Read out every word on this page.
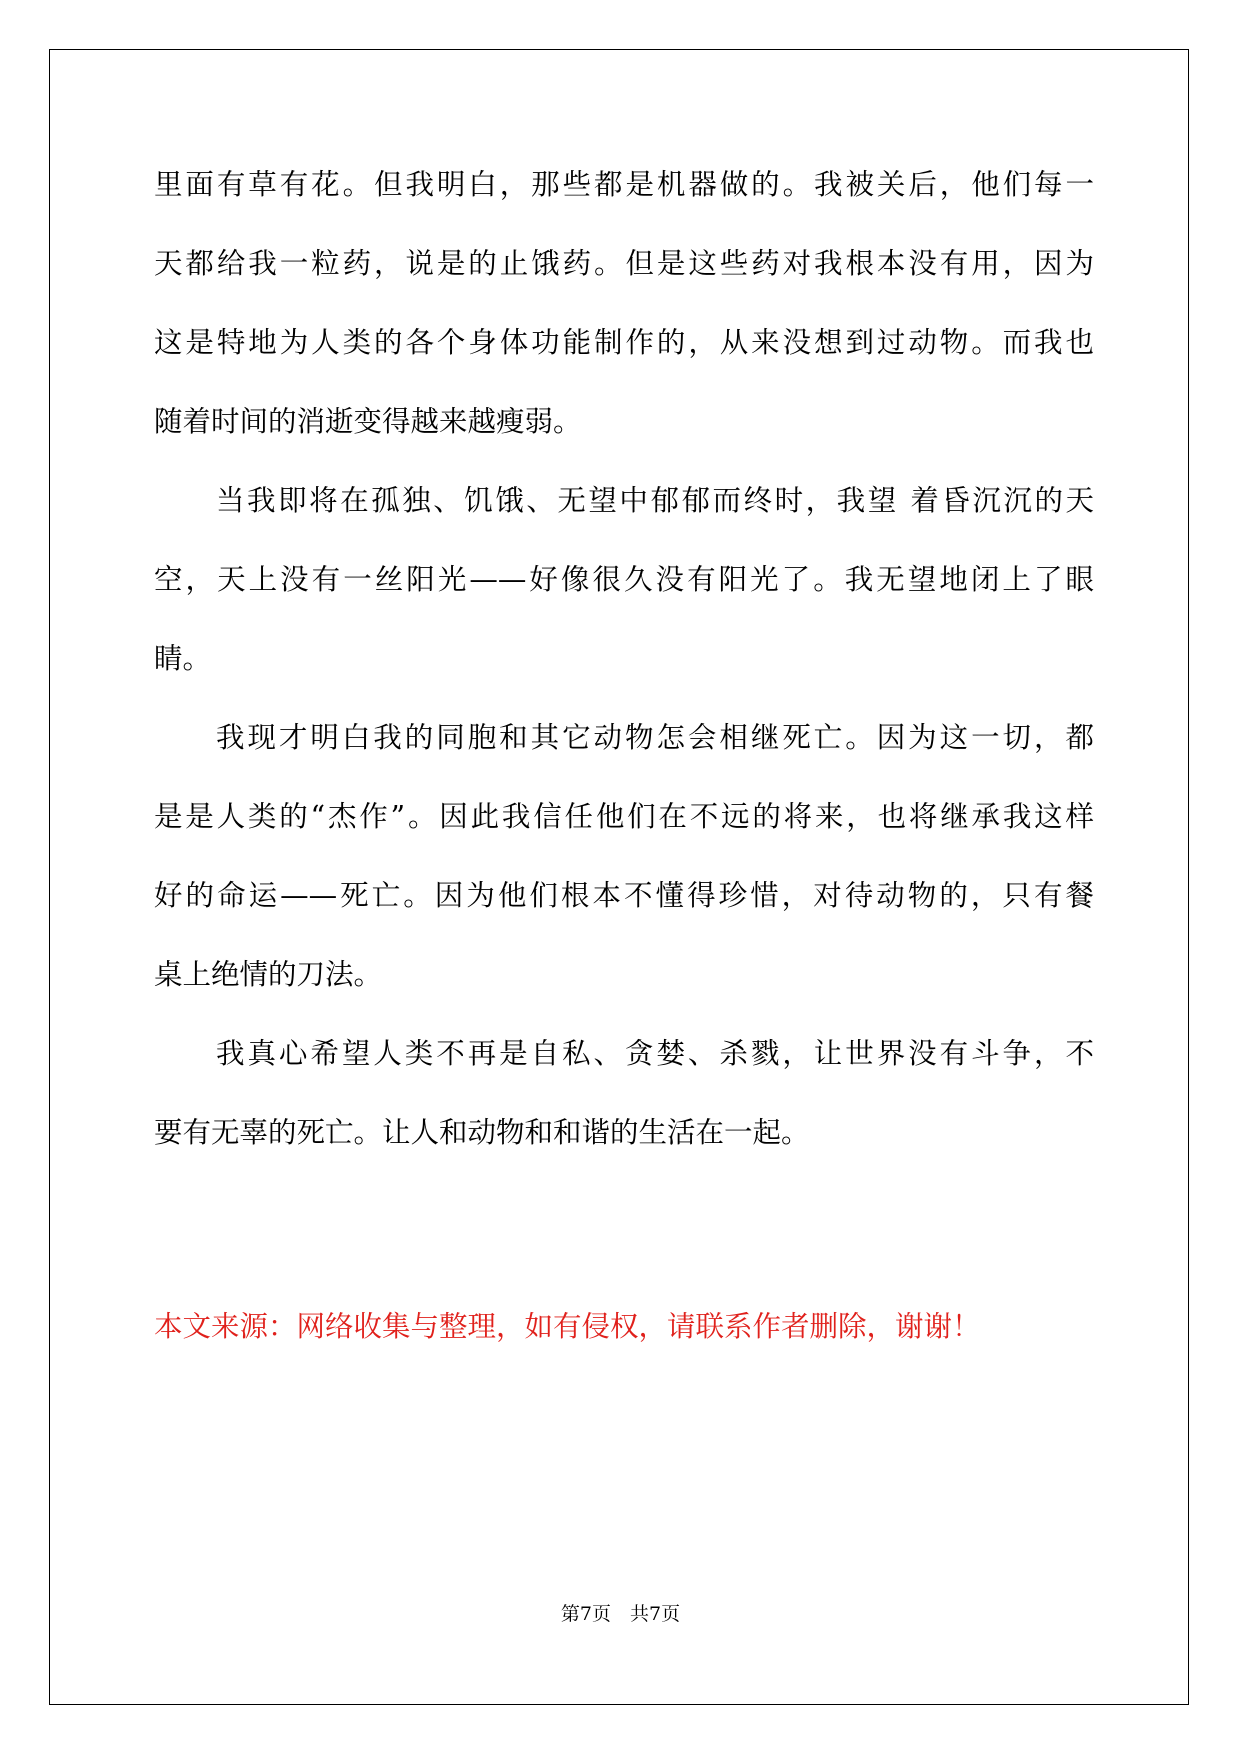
里面有草有花。但我明白，那些都是机器做的。我被关后，他们每一
天都给我一粒药，说是的止饿药。但是这些药对我根本没有用，因为
这是特地为人类的各个身体功能制作的，从来没想到过动物。而我也
随着时间的消逝变得越来越瘦弱。
当我即将在孤独、饥饿、无望中郁郁而终时，我望 着昏沉沉的天
空，天上没有一丝阳光——好像很久没有阳光了。我无望地闭上了眼
睛。
我现才明白我的同胞和其它动物怎会相继死亡。因为这一切，都
是是人类的“杰作”。因此我信任他们在不远的将来，也将继承我这样
好的命运——死亡。因为他们根本不懂得珍惜，对待动物的，只有餐
桌上绝情的刀法。
我真心希望人类不再是自私、贪婪、杀戮，让世界没有斗争，不
要有无辜的死亡。让人和动物和和谐的生活在一起。
本文来源：网络收集与整理，如有侵权，请联系作者删除，谢谢！
第7页　共7页
